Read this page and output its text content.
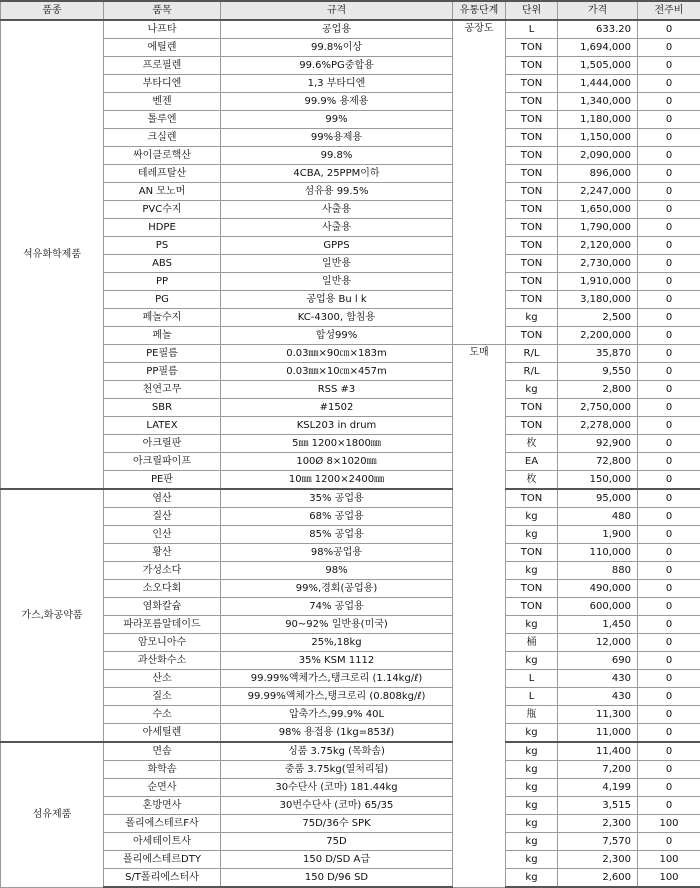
품종	품목	규격	유통단계	단위	가격	전주비
석유화학제품	나프타	공업용	공장도	L	633.20	0
	에틸렌	99.8%이상		TON	1,694,000	0
	프로필렌	99.6%PG중합용		TON	1,505,000	0
	부타디엔	1,3 부타디엔		TON	1,444,000	0
	벤젠	99.9% 용제용		TON	1,340,000	0
	톨루엔	99%		TON	1,180,000	0
	크실렌	99%용제용		TON	1,150,000	0
	싸이클로핵산	99.8%		TON	2,090,000	0
	테레프탈산	4CBA, 25PPM이하		TON	896,000	0
	AN 모노머	섬유용 99.5%		TON	2,247,000	0
	PVC수지	사출용		TON	1,650,000	0
	HDPE	사출용		TON	1,790,000	0
	PS	GPPS		TON	2,120,000	0
	ABS	일반용		TON	2,730,000	0
	PP	일반용		TON	1,910,000	0
	PG	공업용 Bu l k		TON	3,180,000	0
	페놀수지	KC-4300, 함침용		kg	2,500	0
	페놀	합성99%		TON	2,200,000	0
	PE필름	0.03㎜×90㎝×183m	도매	R/L	35,870	0
	PP필름	0.03㎜×10㎝×457m		R/L	9,550	0
	천연고무	RSS #3		kg	2,800	0
	SBR	#1502		TON	2,750,000	0
	LATEX	KSL203 in drum		TON	2,278,000	0
	아크릴판	5㎜ 1200×1800㎜		枚	92,900	0
	아크릴파이프	100Ø 8×1020㎜		EA	72,800	0
	PE판	10㎜ 1200×2400㎜		枚	150,000	0
가스,화공약품	염산	35% 공업용		TON	95,000	0
	질산	68% 공업용		kg	480	0
	인산	85% 공업용		kg	1,900	0
	황산	98%공업용		TON	110,000	0
	가성소다	98%		kg	880	0
	소오다회	99%,경회(공업용)		TON	490,000	0
	염화칼슘	74% 공업용		TON	600,000	0
	파라포름알데이드	90~92% 일반용(미국)		kg	1,450	0
	암모니아수	25%,18kg		桶	12,000	0
	과산화수소	35% KSM 1112		kg	690	0
	산소	99.99%액체가스,탱크로리 (1.14kg/ℓ)		L	430	0
	질소	99.99%액체가스,탱크로리 (0.808kg/ℓ)		L	430	0
	수소	압축가스,99.9% 40L		甁	11,300	0
	아세틸렌	98% 용접용 (1kg=853ℓ)		kg	11,000	0
섬유제품	면솜	싱품 3.75kg (목화솜)		kg	11,400	0
	화학솜	중품 3.75kg(열처리됨)		kg	7,200	0
	순면사	30수단사 (코마) 181.44kg		kg	4,199	0
	혼방면사	30번수단사 (코마) 65/35		kg	3,515	0
	폴리에스테르F사	75D/36수 SPK		kg	2,300	100
	아세테이트사	75D		kg	7,570	0
	폴리에스테르DTY	150 D/SD A급		kg	2,300	100
	S/T폴리에스터사	150 D/96 SD		kg	2,600	100
